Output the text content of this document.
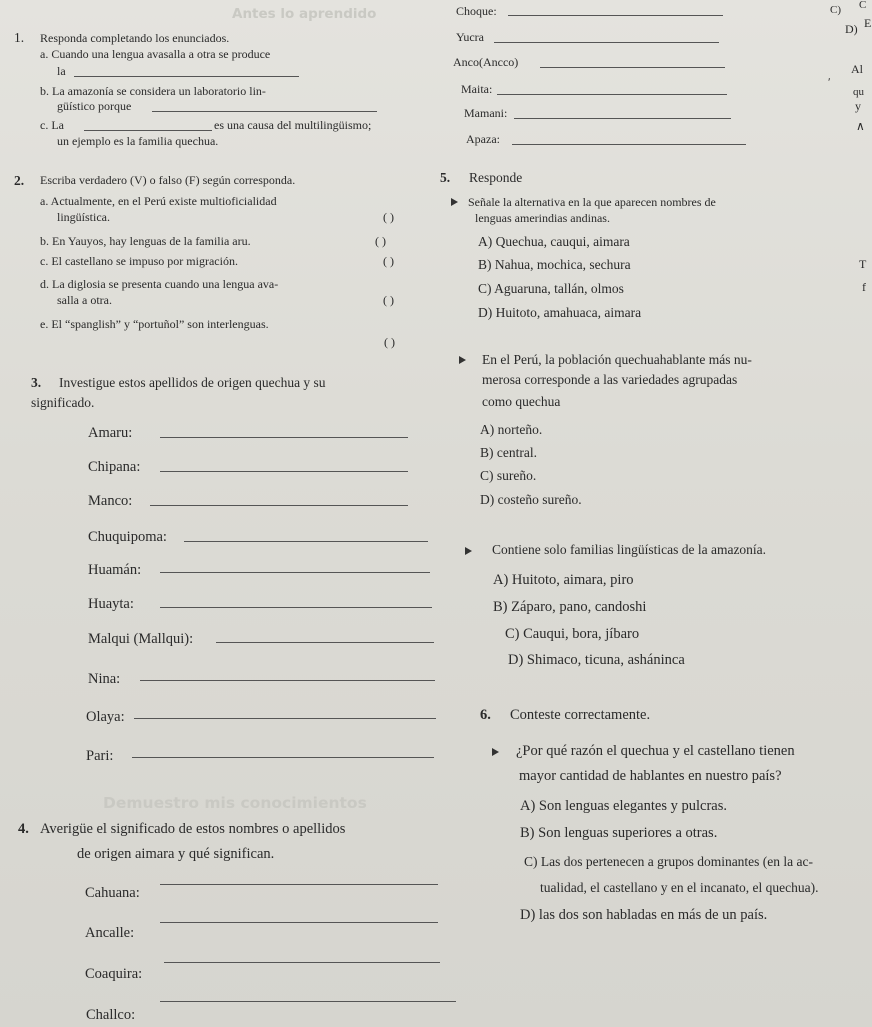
Antes lo aprendido
1. Responda completando los enunciados.
a. Cuando una lengua avasalla a otra se produce
la
b. La amazonía se considera un laboratorio lin-
güístico porque
c. La	es una causa del multilingüismo;
un ejemplo es la familia quechua.
Choque:
Yucra
Anco(Ancco)
Maita:
Mamani:
Apaza:
C) C
D) E
Al
qu
y
∧
T
f
ʹ
2. Escriba verdadero (V) o falso (F) según corresponda.
a. Actualmente, en el Perú existe multioficialidad
lingüística.	( )
b. En Yauyos, hay lenguas de la familia aru.	( )
c. El castellano se impuso por migración.	( )
d. La diglosia se presenta cuando una lengua ava-
salla a otra.	( )
e. El “spanglish” y “portuñol” son interlenguas.
( )
3. Investigue estos apellidos de origen quechua y su
significado.
Amaru:
Chipana:
Manco:
Chuquipoma:
Huamán:
Huayta:
Malqui (Mallqui):
Nina:
Olaya:
Pari:
Demuestro mis conocimientos
4. Averigüe el significado de estos nombres o apellidos
de origen aimara y qué significan.
Cahuana:
Ancalle:
Coaquira:
Challco:
5. Responde
Señale la alternativa en la que aparecen nombres de
lenguas amerindias andinas.
A) Quechua, cauqui, aimara
B) Nahua, mochica, sechura
C) Aguaruna, tallán, olmos
D) Huitoto, amahuaca, aimara
En el Perú, la población quechuahablante más nu-
merosa corresponde a las variedades agrupadas
como quechua
A) norteño.
B) central.
C) sureño.
D) costeño sureño.
Contiene solo familias lingüísticas de la amazonía.
A) Huitoto, aimara, piro
B) Záparo, pano, candoshi
C) Cauqui, bora, jíbaro
D) Shimaco, ticuna, asháninca
6. Conteste correctamente.
¿Por qué razón el quechua y el castellano tienen
mayor cantidad de hablantes en nuestro país?
A) Son lenguas elegantes y pulcras.
B) Son lenguas superiores a otras.
C) Las dos pertenecen a grupos dominantes (en la ac-
tualidad, el castellano y en el incanato, el quechua).
D) las dos son habladas en más de un país.
